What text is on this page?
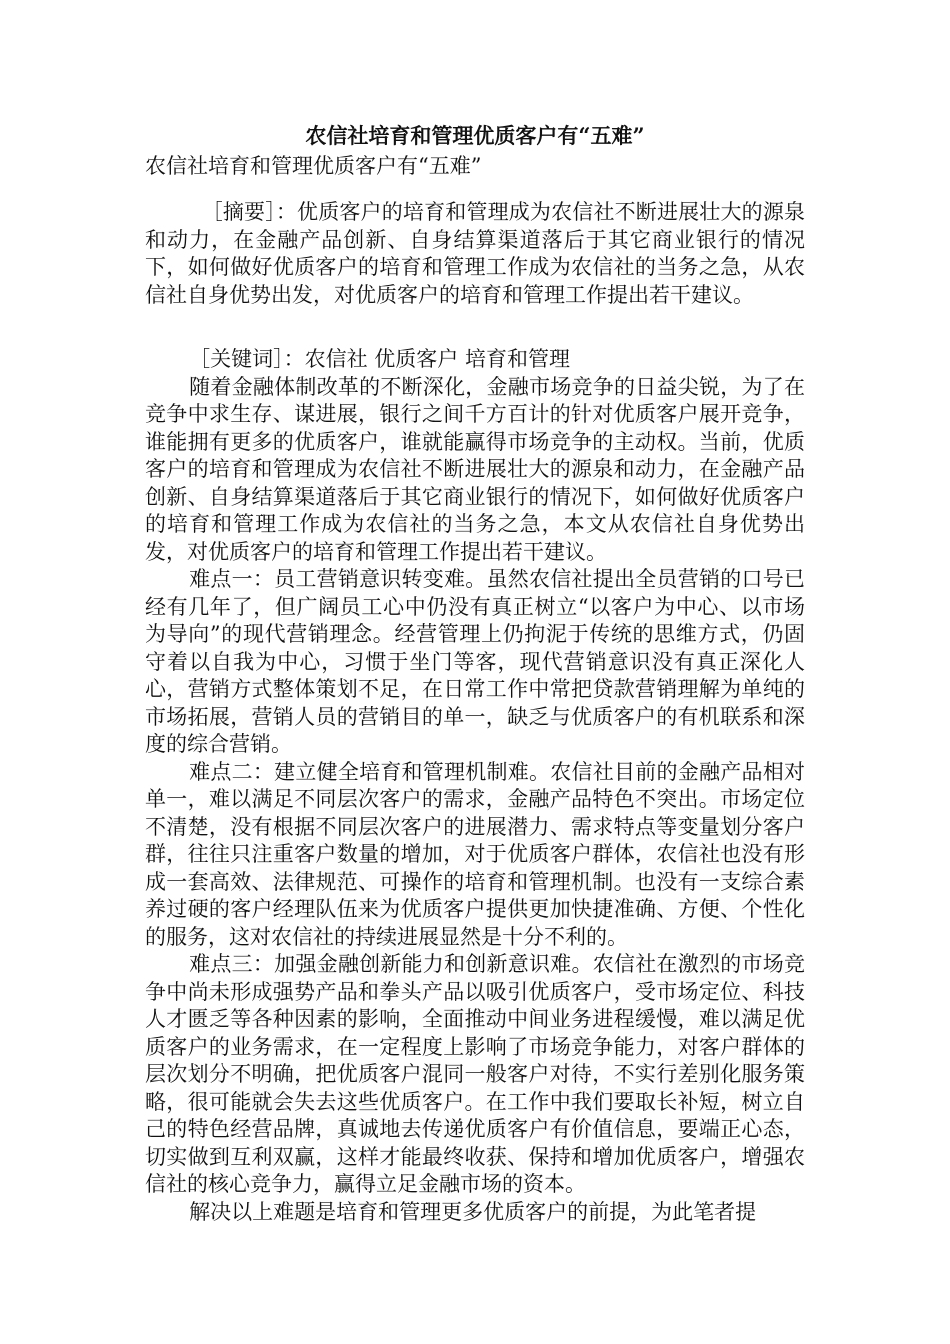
农信社培育和管理优质客户有“五难”
农信社培育和管理优质客户有“五难”

［摘要］：优质客户的培育和管理成为农信社不断进展壮大的源泉和动力，在金融产品创新、自身结算渠道落后于其它商业银行的情况下，如何做好优质客户的培育和管理工作成为农信社的当务之急，从农信社自身优势出发，对优质客户的培育和管理工作提出若干建议。

［关键词］：农信社 优质客户 培育和管理

随着金融体制改革的不断深化，金融市场竞争的日益尖锐，为了在竞争中求生存、谋进展，银行之间千方百计的针对优质客户展开竞争，谁能拥有更多的优质客户，谁就能赢得市场竞争的主动权。当前，优质客户的培育和管理成为农信社不断进展壮大的源泉和动力，在金融产品创新、自身结算渠道落后于其它商业银行的情况下，如何做好优质客户的培育和管理工作成为农信社的当务之急，本文从农信社自身优势出发，对优质客户的培育和管理工作提出若干建议。

难点一：员工营销意识转变难。虽然农信社提出全员营销的口号已经有几年了，但广阔员工心中仍没有真正树立“以客户为中心、以市场为导向”的现代营销理念。经营管理上仍拘泥于传统的思维方式，仍固守着以自我为中心，习惯于坐门等客，现代营销意识没有真正深化人心，营销方式整体策划不足，在日常工作中常把贷款营销理解为单纯的市场拓展，营销人员的营销目的单一，缺乏与优质客户的有机联系和深度的综合营销。

难点二：建立健全培育和管理机制难。农信社目前的金融产品相对单一，难以满足不同层次客户的需求，金融产品特色不突出。市场定位不清楚，没有根据不同层次客户的进展潜力、需求特点等变量划分客户群，往往只注重客户数量的增加，对于优质客户群体，农信社也没有形成一套高效、法律规范、可操作的培育和管理机制。也没有一支综合素养过硬的客户经理队伍来为优质客户提供更加快捷准确、方便、个性化的服务，这对农信社的持续进展显然是十分不利的。

难点三：加强金融创新能力和创新意识难。农信社在激烈的市场竞争中尚未形成强势产品和拳头产品以吸引优质客户，受市场定位、科技人才匮乏等各种因素的影响，全面推动中间业务进程缓慢，难以满足优质客户的业务需求，在一定程度上影响了市场竞争能力，对客户群体的层次划分不明确，把优质客户混同一般客户对待，不实行差别化服务策略，很可能就会失去这些优质客户。在工作中我们要取长补短，树立自己的特色经营品牌，真诚地去传递优质客户有价值信息，要端正心态，切实做到互利双赢，这样才能最终收获、保持和增加优质客户，增强农信社的核心竞争力，赢得立足金融市场的资本。

解决以上难题是培育和管理更多优质客户的前提，为此笔者提
